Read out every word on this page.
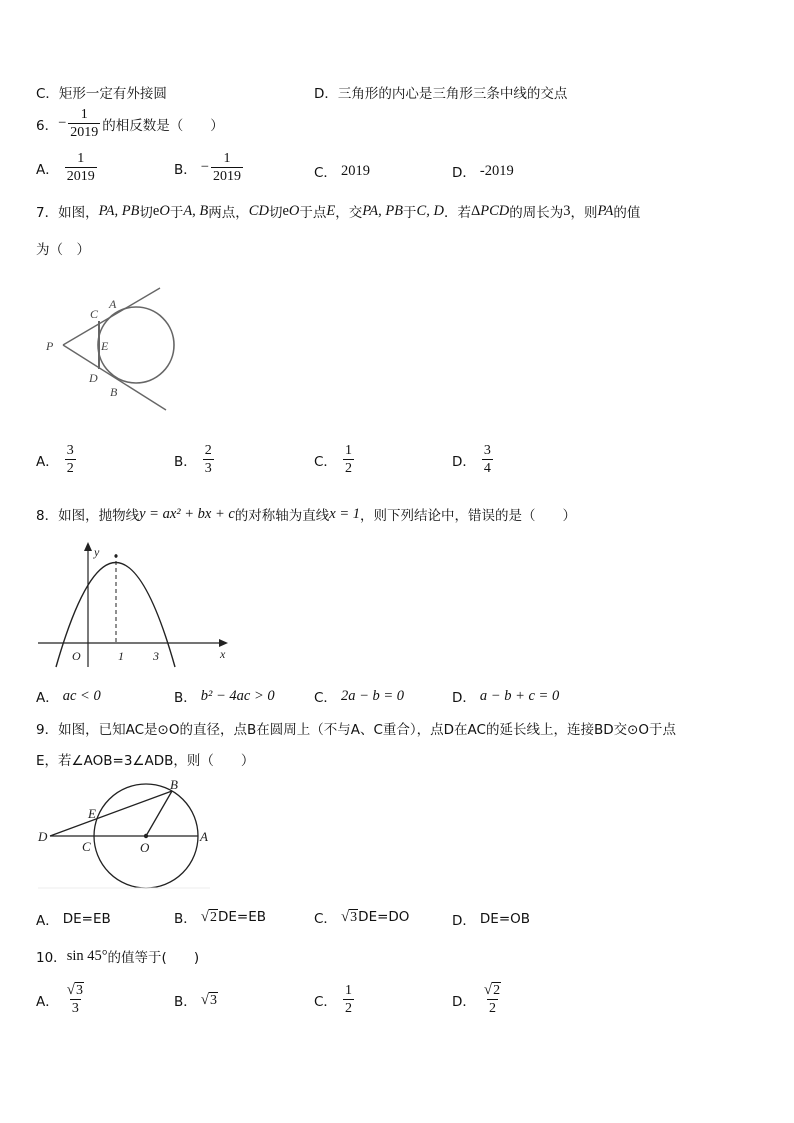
C．矩形一定有外接圆	D．三角形的内心是三角形三条中线的交点
6． − $\frac{1}{2019}$ 的相反数是（　　）
A． $\frac{1}{2019}$	B． − $\frac{1}{2019}$	C． 2019	D． -2019
7．如图， PA, PB 切 e O 于 A, B 两点， CD 切 e O 于点 E ，交 PA, PB 于 C, D ．若 Δ PCD 的周长为 3 ，则 PA 的值
为（　）
P
A
C
E
D
B
A． $\frac{3}{2}$	B． $\frac{2}{3}$	C． $\frac{1}{2}$	D． $\frac{3}{4}$
8．如图，抛物线 y = ax² + bx + c 的对称轴为直线 x = 1 ，则下列结论中，错误的是（　　）
y
x
O	1 3
A． ac < 0	B． b² − 4ac > 0	C． 2a − b = 0	D． a − b + c = 0
9．如图，已知AC是⊙O的直径，点B在圆周上（不与A、C重合），点D在AC的延长线上，连接BD交⊙O于点
E，若∠AOB=3∠ADB，则（　　）
D
E
C	O
A
B
A． DE=EB	B． √ 2 DE=EB	C． √ 3 DE=DO	D． DE=OB
10． sin 45° 的值等于(　　)
A． $\frac{√ 3}{3}$	B． √ 3	C． $\frac{1}{2}$	D． $\frac{√ 2}{2}$
